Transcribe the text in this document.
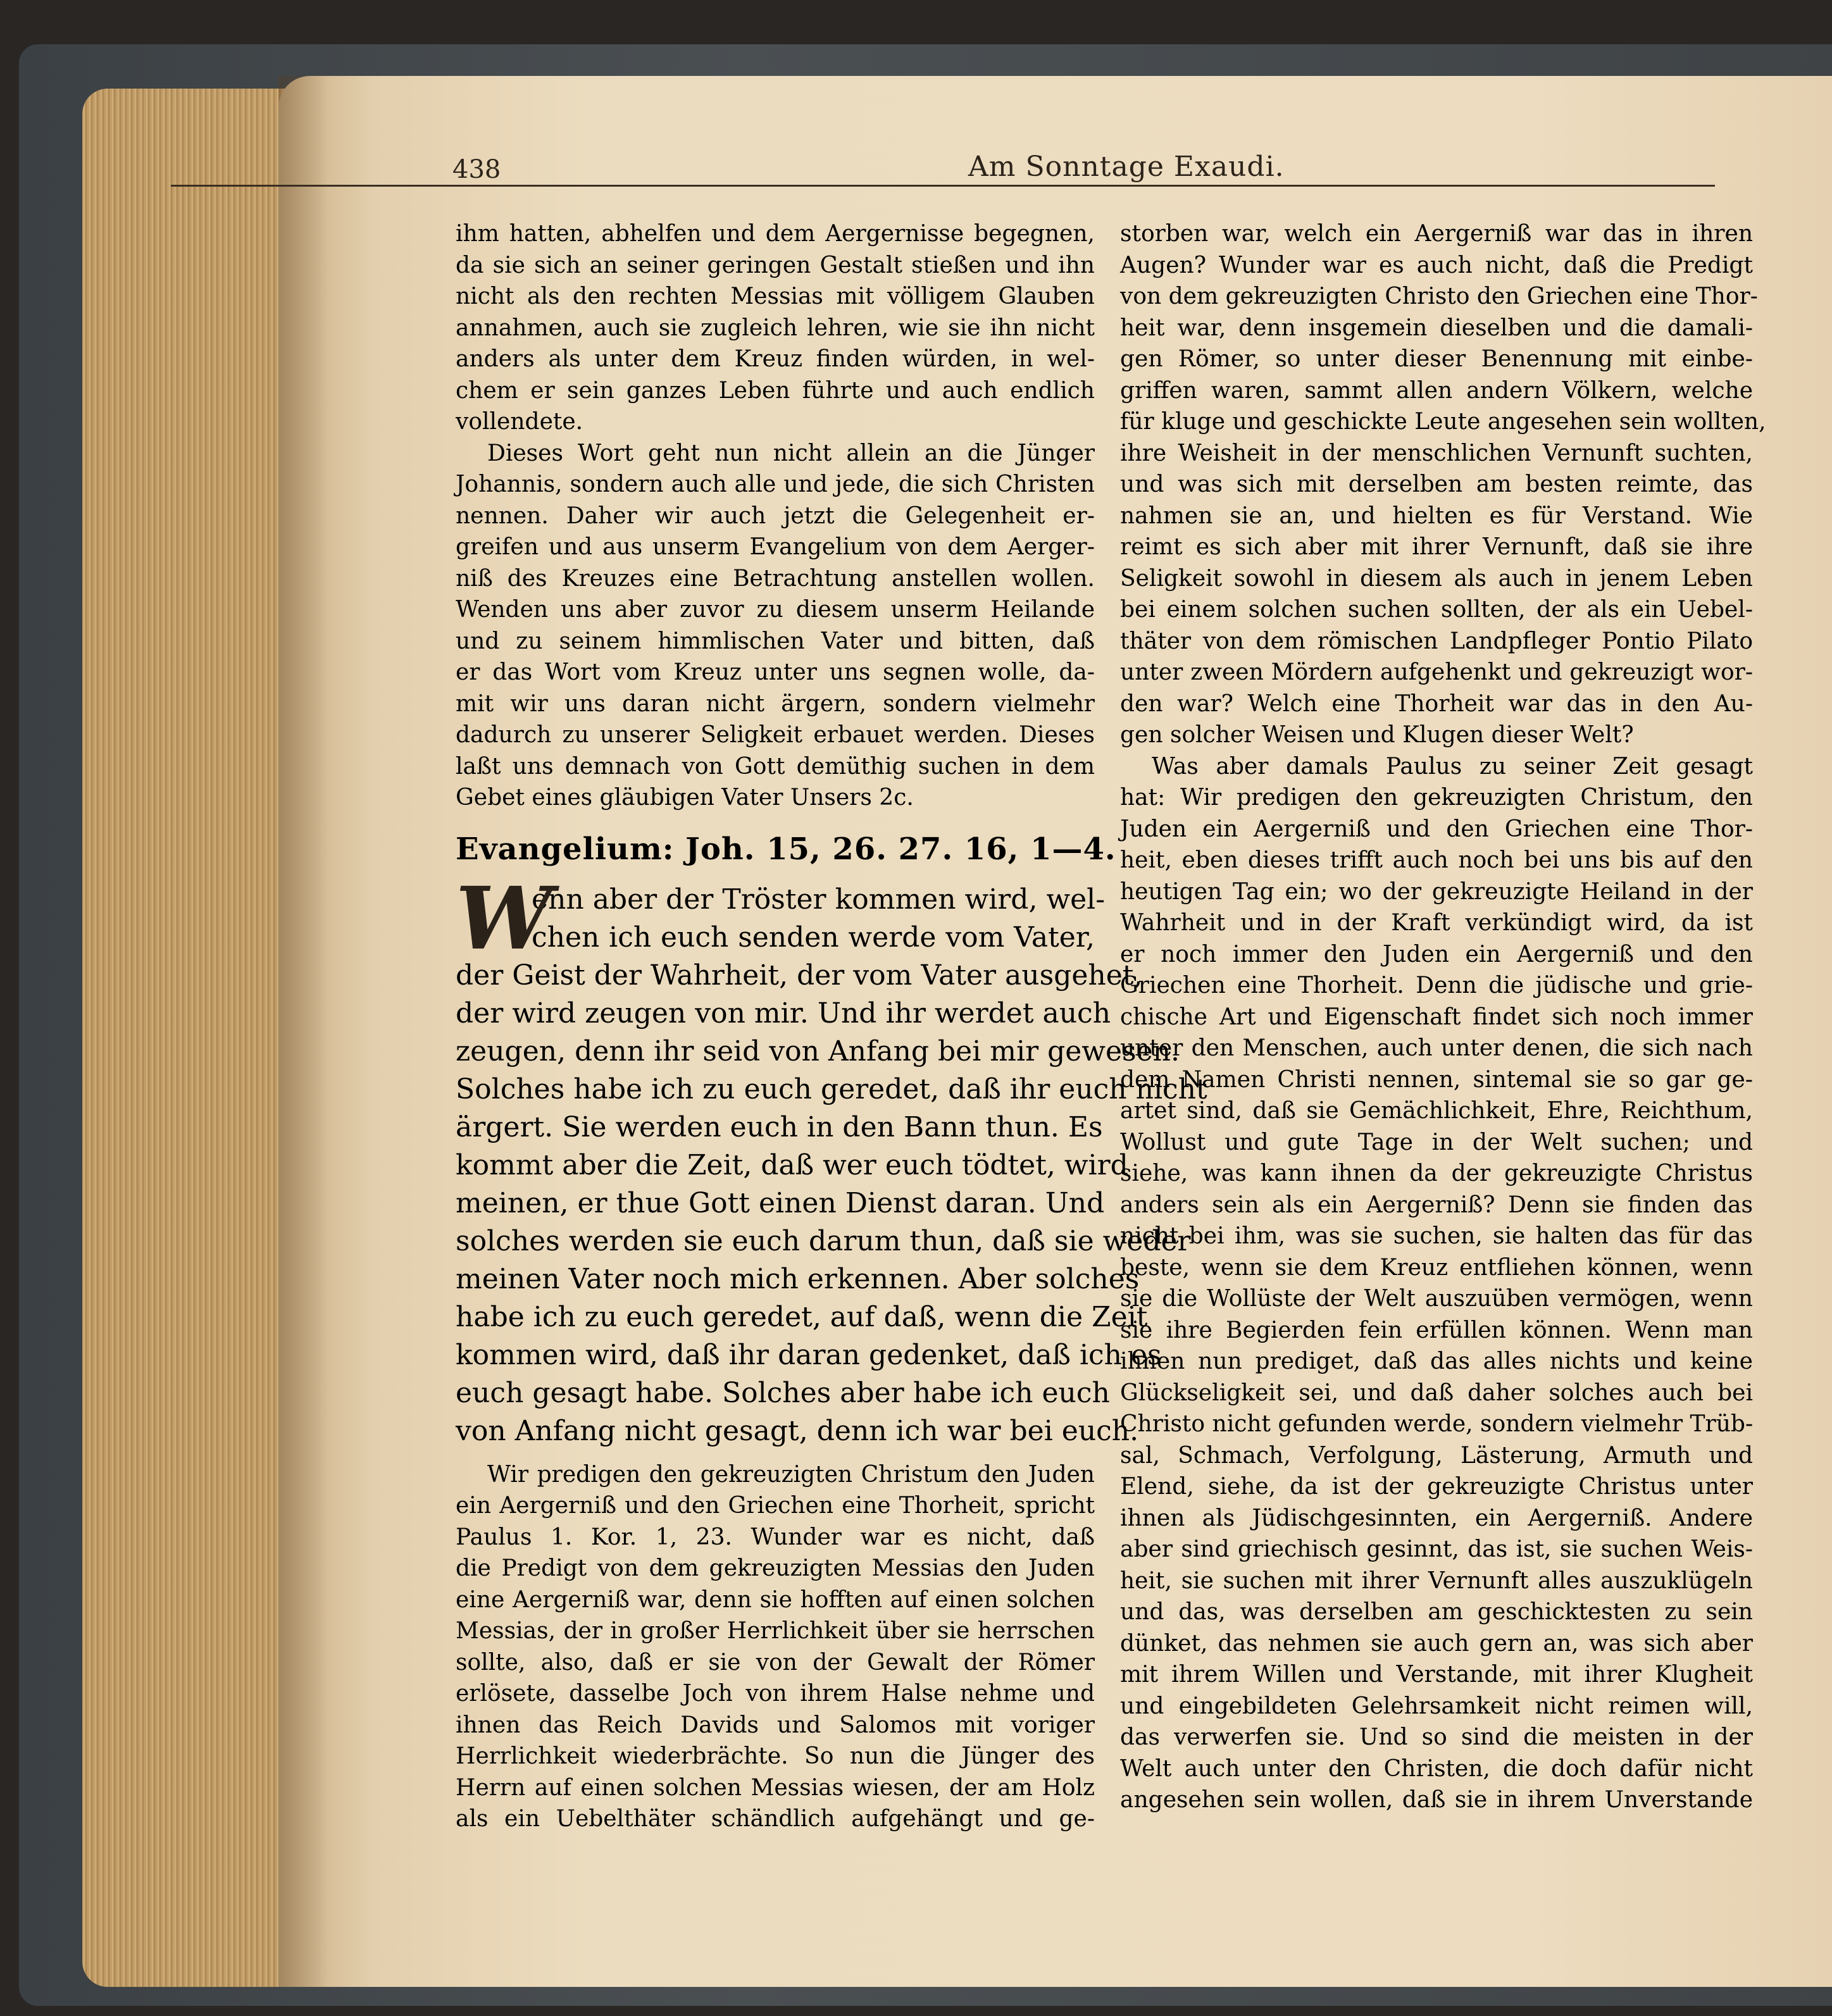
438	Am Sonntage Exaudi.
ihm hatten, abhelfen und dem Aergernisse begegnen,
da sie sich an seiner geringen Gestalt stießen und ihn
nicht als den rechten Messias mit völligem Glauben
annahmen, auch sie zugleich lehren, wie sie ihn nicht
anders als unter dem Kreuz finden würden, in wel-
chem er sein ganzes Leben führte und auch endlich
vollendete.
Dieses Wort geht nun nicht allein an die Jünger
Johannis, sondern auch alle und jede, die sich Christen
nennen. Daher wir auch jetzt die Gelegenheit er-
greifen und aus unserm Evangelium von dem Aerger-
niß des Kreuzes eine Betrachtung anstellen wollen.
Wenden uns aber zuvor zu diesem unserm Heilande
und zu seinem himmlischen Vater und bitten, daß
er das Wort vom Kreuz unter uns segnen wolle, da-
mit wir uns daran nicht ärgern, sondern vielmehr
dadurch zu unserer Seligkeit erbauet werden. Dieses
laßt uns demnach von Gott demüthig suchen in dem
Gebet eines gläubigen Vater Unsers 2c.
Evangelium: Joh. 15, 26. 27. 16, 1—4.
W
enn aber der Tröster kommen wird, wel-
chen ich euch senden werde vom Vater,
der Geist der Wahrheit, der vom Vater ausgehet,
der wird zeugen von mir. Und ihr werdet auch
zeugen, denn ihr seid von Anfang bei mir gewesen.
Solches habe ich zu euch geredet, daß ihr euch nicht
ärgert. Sie werden euch in den Bann thun. Es
kommt aber die Zeit, daß wer euch tödtet, wird
meinen, er thue Gott einen Dienst daran. Und
solches werden sie euch darum thun, daß sie weder
meinen Vater noch mich erkennen. Aber solches
habe ich zu euch geredet, auf daß, wenn die Zeit
kommen wird, daß ihr daran gedenket, daß ich es
euch gesagt habe. Solches aber habe ich euch
von Anfang nicht gesagt, denn ich war bei euch.
Wir predigen den gekreuzigten Christum den Juden
ein Aergerniß und den Griechen eine Thorheit, spricht
Paulus 1. Kor. 1, 23. Wunder war es nicht, daß
die Predigt von dem gekreuzigten Messias den Juden
eine Aergerniß war, denn sie hofften auf einen solchen
Messias, der in großer Herrlichkeit über sie herrschen
sollte, also, daß er sie von der Gewalt der Römer
erlösete, dasselbe Joch von ihrem Halse nehme und
ihnen das Reich Davids und Salomos mit voriger
Herrlichkeit wiederbrächte. So nun die Jünger des
Herrn auf einen solchen Messias wiesen, der am Holz
als ein Uebelthäter schändlich aufgehängt und ge-
storben war, welch ein Aergerniß war das in ihren
Augen? Wunder war es auch nicht, daß die Predigt
von dem gekreuzigten Christo den Griechen eine Thor-
heit war, denn insgemein dieselben und die damali-
gen Römer, so unter dieser Benennung mit einbe-
griffen waren, sammt allen andern Völkern, welche
für kluge und geschickte Leute angesehen sein wollten,
ihre Weisheit in der menschlichen Vernunft suchten,
und was sich mit derselben am besten reimte, das
nahmen sie an, und hielten es für Verstand. Wie
reimt es sich aber mit ihrer Vernunft, daß sie ihre
Seligkeit sowohl in diesem als auch in jenem Leben
bei einem solchen suchen sollten, der als ein Uebel-
thäter von dem römischen Landpfleger Pontio Pilato
unter zween Mördern aufgehenkt und gekreuzigt wor-
den war? Welch eine Thorheit war das in den Au-
gen solcher Weisen und Klugen dieser Welt?
Was aber damals Paulus zu seiner Zeit gesagt
hat: Wir predigen den gekreuzigten Christum, den
Juden ein Aergerniß und den Griechen eine Thor-
heit, eben dieses trifft auch noch bei uns bis auf den
heutigen Tag ein; wo der gekreuzigte Heiland in der
Wahrheit und in der Kraft verkündigt wird, da ist
er noch immer den Juden ein Aergerniß und den
Griechen eine Thorheit. Denn die jüdische und grie-
chische Art und Eigenschaft findet sich noch immer
unter den Menschen, auch unter denen, die sich nach
dem Namen Christi nennen, sintemal sie so gar ge-
artet sind, daß sie Gemächlichkeit, Ehre, Reichthum,
Wollust und gute Tage in der Welt suchen; und
siehe, was kann ihnen da der gekreuzigte Christus
anders sein als ein Aergerniß? Denn sie finden das
nicht bei ihm, was sie suchen, sie halten das für das
beste, wenn sie dem Kreuz entfliehen können, wenn
sie die Wollüste der Welt auszuüben vermögen, wenn
sie ihre Begierden fein erfüllen können. Wenn man
ihnen nun prediget, daß das alles nichts und keine
Glückseligkeit sei, und daß daher solches auch bei
Christo nicht gefunden werde, sondern vielmehr Trüb-
sal, Schmach, Verfolgung, Lästerung, Armuth und
Elend, siehe, da ist der gekreuzigte Christus unter
ihnen als Jüdischgesinnten, ein Aergerniß. Andere
aber sind griechisch gesinnt, das ist, sie suchen Weis-
heit, sie suchen mit ihrer Vernunft alles auszuklügeln
und das, was derselben am geschicktesten zu sein
dünket, das nehmen sie auch gern an, was sich aber
mit ihrem Willen und Verstande, mit ihrer Klugheit
und eingebildeten Gelehrsamkeit nicht reimen will,
das verwerfen sie. Und so sind die meisten in der
Welt auch unter den Christen, die doch dafür nicht
angesehen sein wollen, daß sie in ihrem Unverstande
